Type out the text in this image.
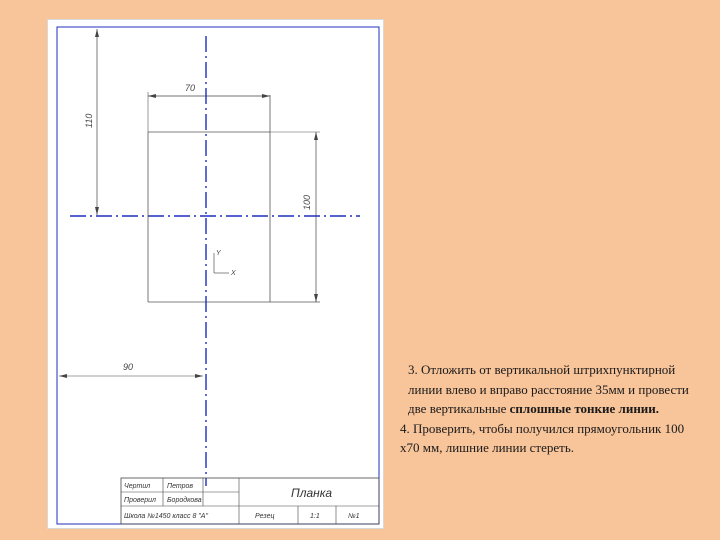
70
110
100
90
Y
X
Чертил Петров
Проверил Бородкова
Школа №1450 класс 8 "А"
Планка
Резец	1:1	№1

3. Отложить от вертикальной штрихпунктирной линии влево и вправо расстояние 35мм и провести две вертикальные сплошные тонкие линии.

4. Проверить, чтобы получился прямоугольник 100 х70 мм, лишние линии стереть.
